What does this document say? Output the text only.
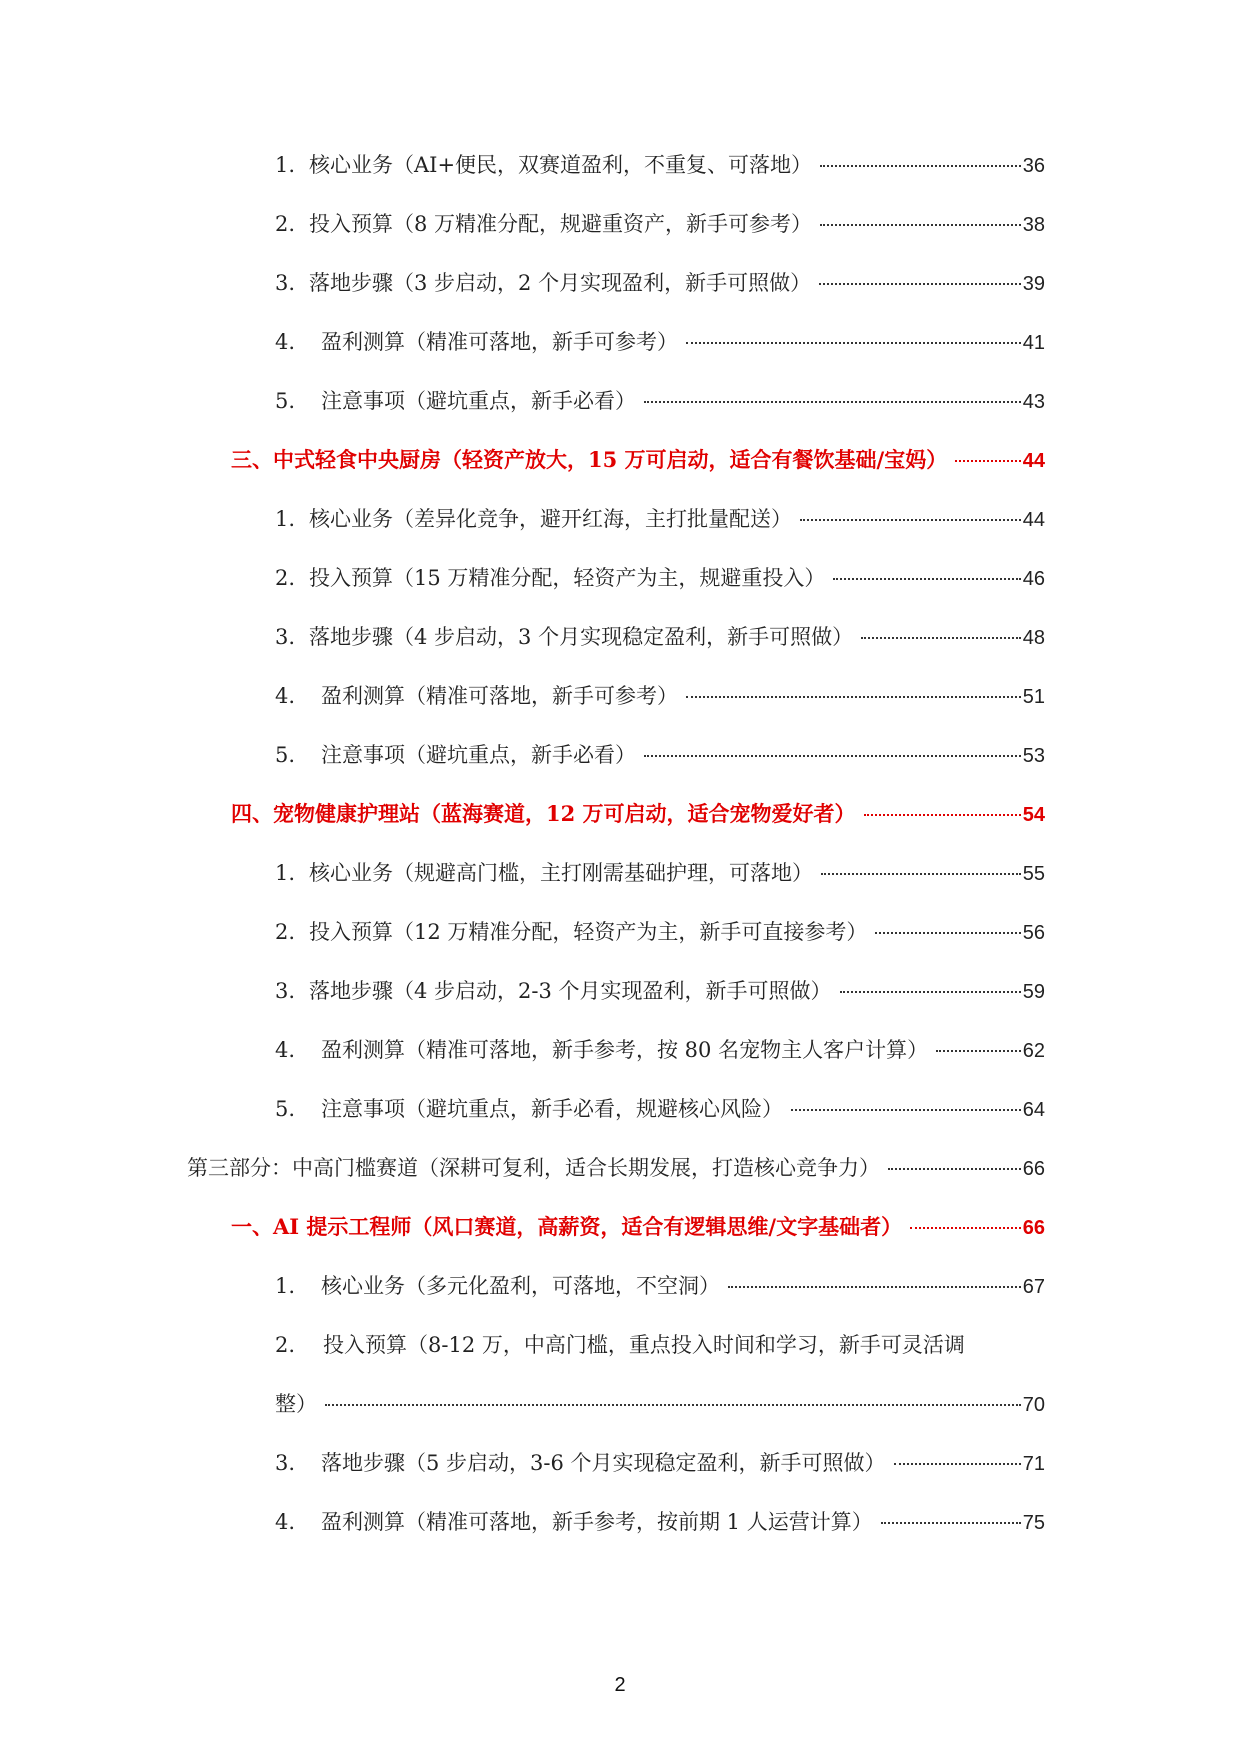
1. 核心业务（AI+便民，双赛道盈利，不重复、可落地）	36
2. 投入预算（8 万精准分配，规避重资产，新手可参考）	38
3. 落地步骤（3 步启动，2 个月实现盈利，新手可照做）	39
4.	盈利测算（精准可落地，新手可参考）	41
5.	注意事项（避坑重点，新手必看）	43
三、中式轻食中央厨房（轻资产放大，15 万可启动，适合有餐饮基础/宝妈）	44
1. 核心业务（差异化竞争，避开红海，主打批量配送）	44
2. 投入预算（15 万精准分配，轻资产为主，规避重投入）	46
3. 落地步骤（4 步启动，3 个月实现稳定盈利，新手可照做）	48
4.	盈利测算（精准可落地，新手可参考）	51
5.	注意事项（避坑重点，新手必看）	53
四、宠物健康护理站（蓝海赛道，12 万可启动，适合宠物爱好者）	54
1. 核心业务（规避高门槛，主打刚需基础护理，可落地）	55
2. 投入预算（12 万精准分配，轻资产为主，新手可直接参考）	56
3. 落地步骤（4 步启动，2-3 个月实现盈利，新手可照做）	59
4.	盈利测算（精准可落地，新手参考，按 80 名宠物主人客户计算）	62
5.	注意事项（避坑重点，新手必看，规避核心风险）	64
第三部分：中高门槛赛道（深耕可复利，适合长期发展，打造核心竞争力）	66
一、AI 提示工程师（风口赛道，高薪资，适合有逻辑思维/文字基础者）	66
1.	核心业务（多元化盈利，可落地，不空洞）	67
2.	投入预算（8-12 万，中高门槛，重点投入时间和学习，新手可灵活调
整）	70
3.	落地步骤（5 步启动，3-6 个月实现稳定盈利，新手可照做）	71
4.	盈利测算（精准可落地，新手参考，按前期 1 人运营计算）	75
2
